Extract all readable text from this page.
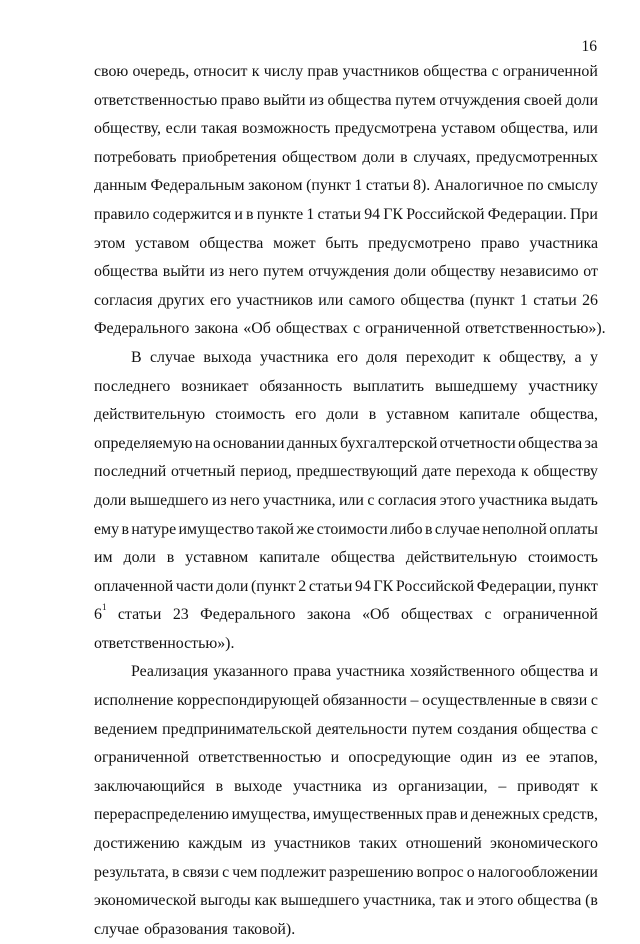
16
свою очередь, относит к числу прав участников общества с ограниченной
ответственностью право выйти из общества путем отчуждения своей доли
обществу, если такая возможность предусмотрена уставом общества, или
потребовать приобретения обществом доли в случаях, предусмотренных
данным Федеральным законом (пункт 1 статьи 8). Аналогичное по смыслу
правило содержится и в пункте 1 статьи 94 ГК Российской Федерации. При
этом уставом общества может быть предусмотрено право участника
общества выйти из него путем отчуждения доли обществу независимо от
согласия других его участников или самого общества (пункт 1 статьи 26
Федерального закона «Об обществах с ограниченной ответственностью»).
В случае выхода участника его доля переходит к обществу, а у
последнего возникает обязанность выплатить вышедшему участнику
действительную стоимость его доли в уставном капитале общества,
определяемую на основании данных бухгалтерской отчетности общества за
последний отчетный период, предшествующий дате перехода к обществу
доли вышедшего из него участника, или с согласия этого участника выдать
ему в натуре имущество такой же стоимости либо в случае неполной оплаты
им доли в уставном капитале общества действительную стоимость
оплаченной части доли (пункт 2 статьи 94 ГК Российской Федерации, пункт
$6^1$ статьи 23 Федерального закона «Об обществах с ограниченной
ответственностью»).
Реализация указанного права участника хозяйственного общества и
исполнение корреспондирующей обязанности – осуществленные в связи с
ведением предпринимательской деятельности путем создания общества с
ограниченной ответственностью и опосредующие один из ее этапов,
заключающийся в выходе участника из организации, – приводят к
перераспределению имущества, имущественных прав и денежных средств,
достижению каждым из участников таких отношений экономического
результата, в связи с чем подлежит разрешению вопрос о налогообложении
экономической выгоды как вышедшего участника, так и этого общества (в
случае образования таковой).
